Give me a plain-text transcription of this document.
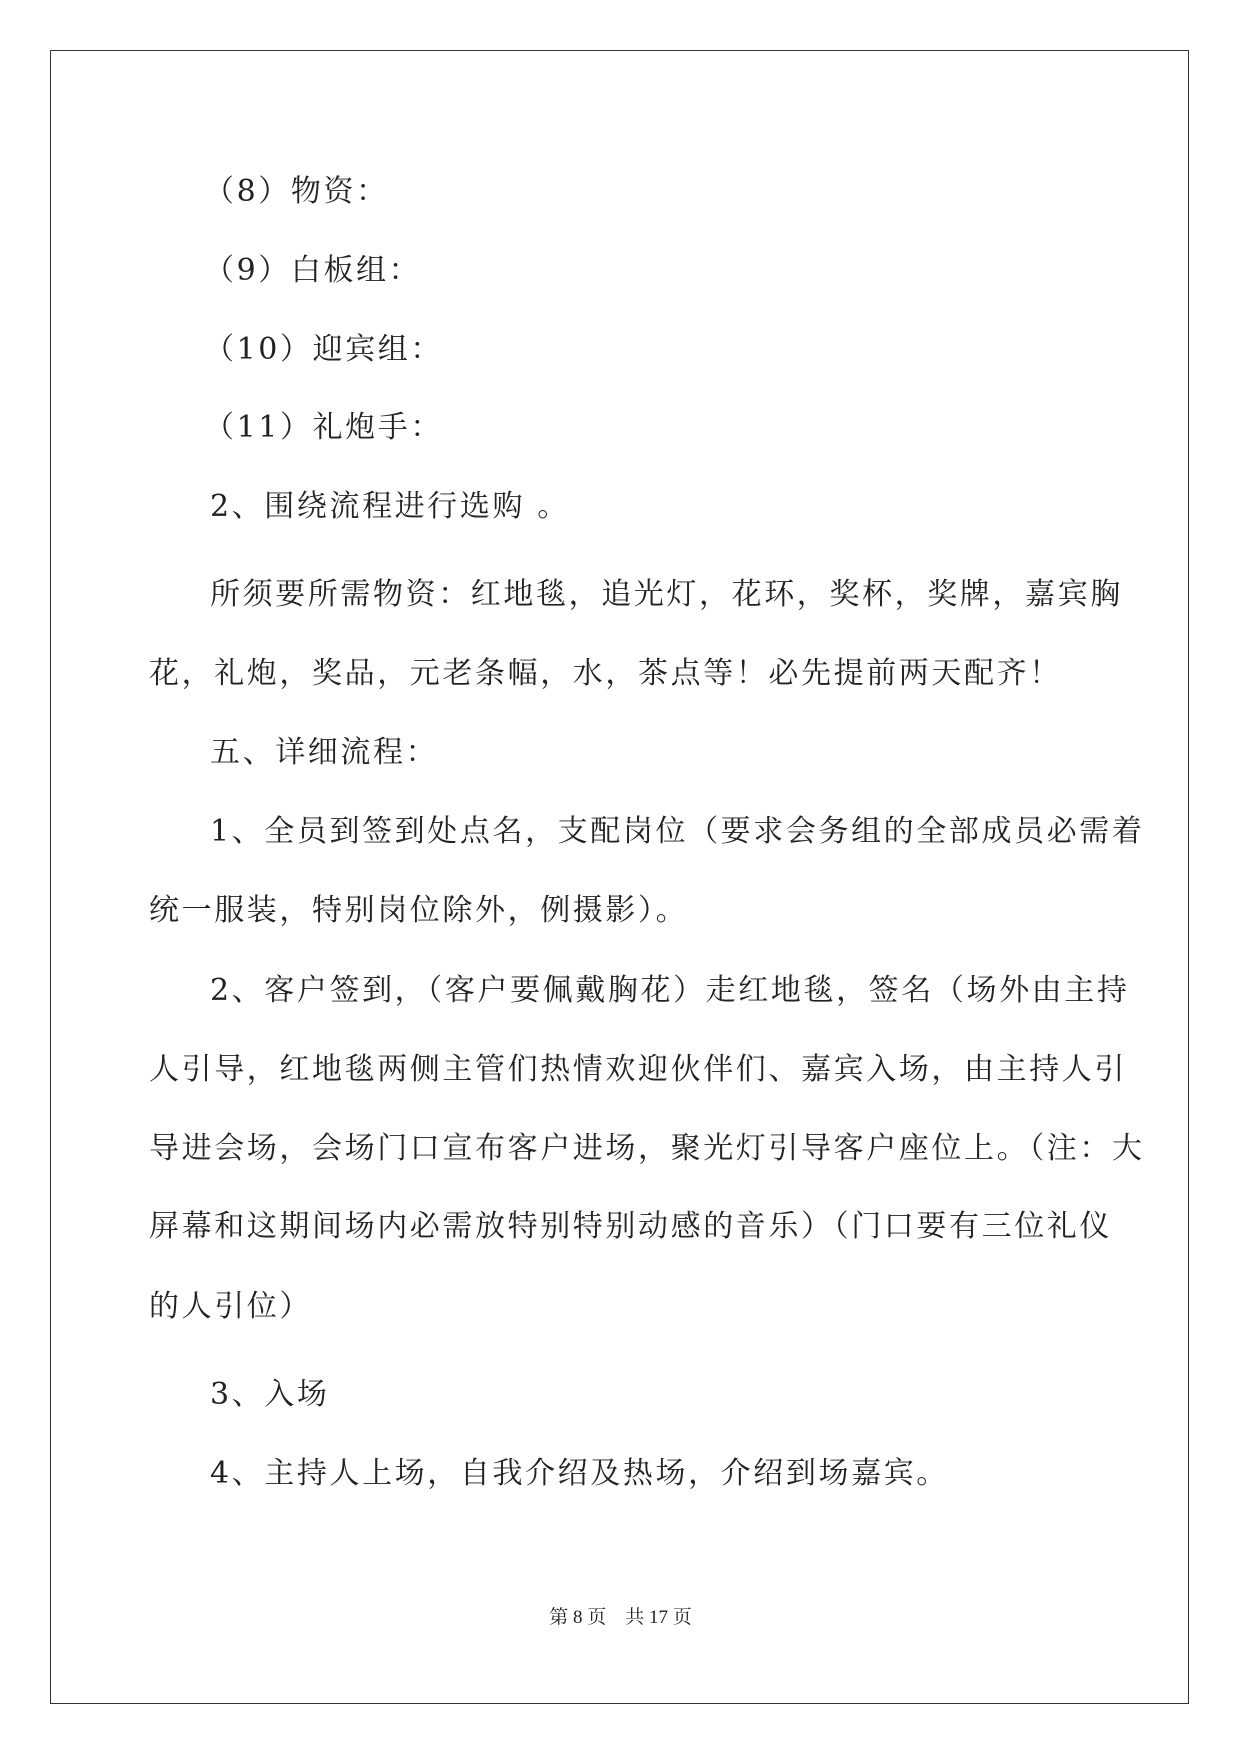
（8）物资：

（9）白板组：

（10）迎宾组：

（11）礼炮手：

2、围绕流程进行选购 。

所须要所需物资：红地毯，追光灯，花环，奖杯，奖牌，嘉宾胸

花，礼炮，奖品，元老条幅，水，茶点等！必先提前两天配齐！

五、详细流程：

1、全员到签到处点名，支配岗位（要求会务组的全部成员必需着

统一服装，特别岗位除外，例摄影）。

2、客户签到，（客户要佩戴胸花）走红地毯，签名（场外由主持

人引导，红地毯两侧主管们热情欢迎伙伴们、嘉宾入场，由主持人引

导进会场，会场门口宣布客户进场，聚光灯引导客户座位上。（注：大

屏幕和这期间场内必需放特别特别动感的音乐）（门口要有三位礼仪

的人引位）

3、入场

4、主持人上场，自我介绍及热场，介绍到场嘉宾。

第 8 页    共 17 页
